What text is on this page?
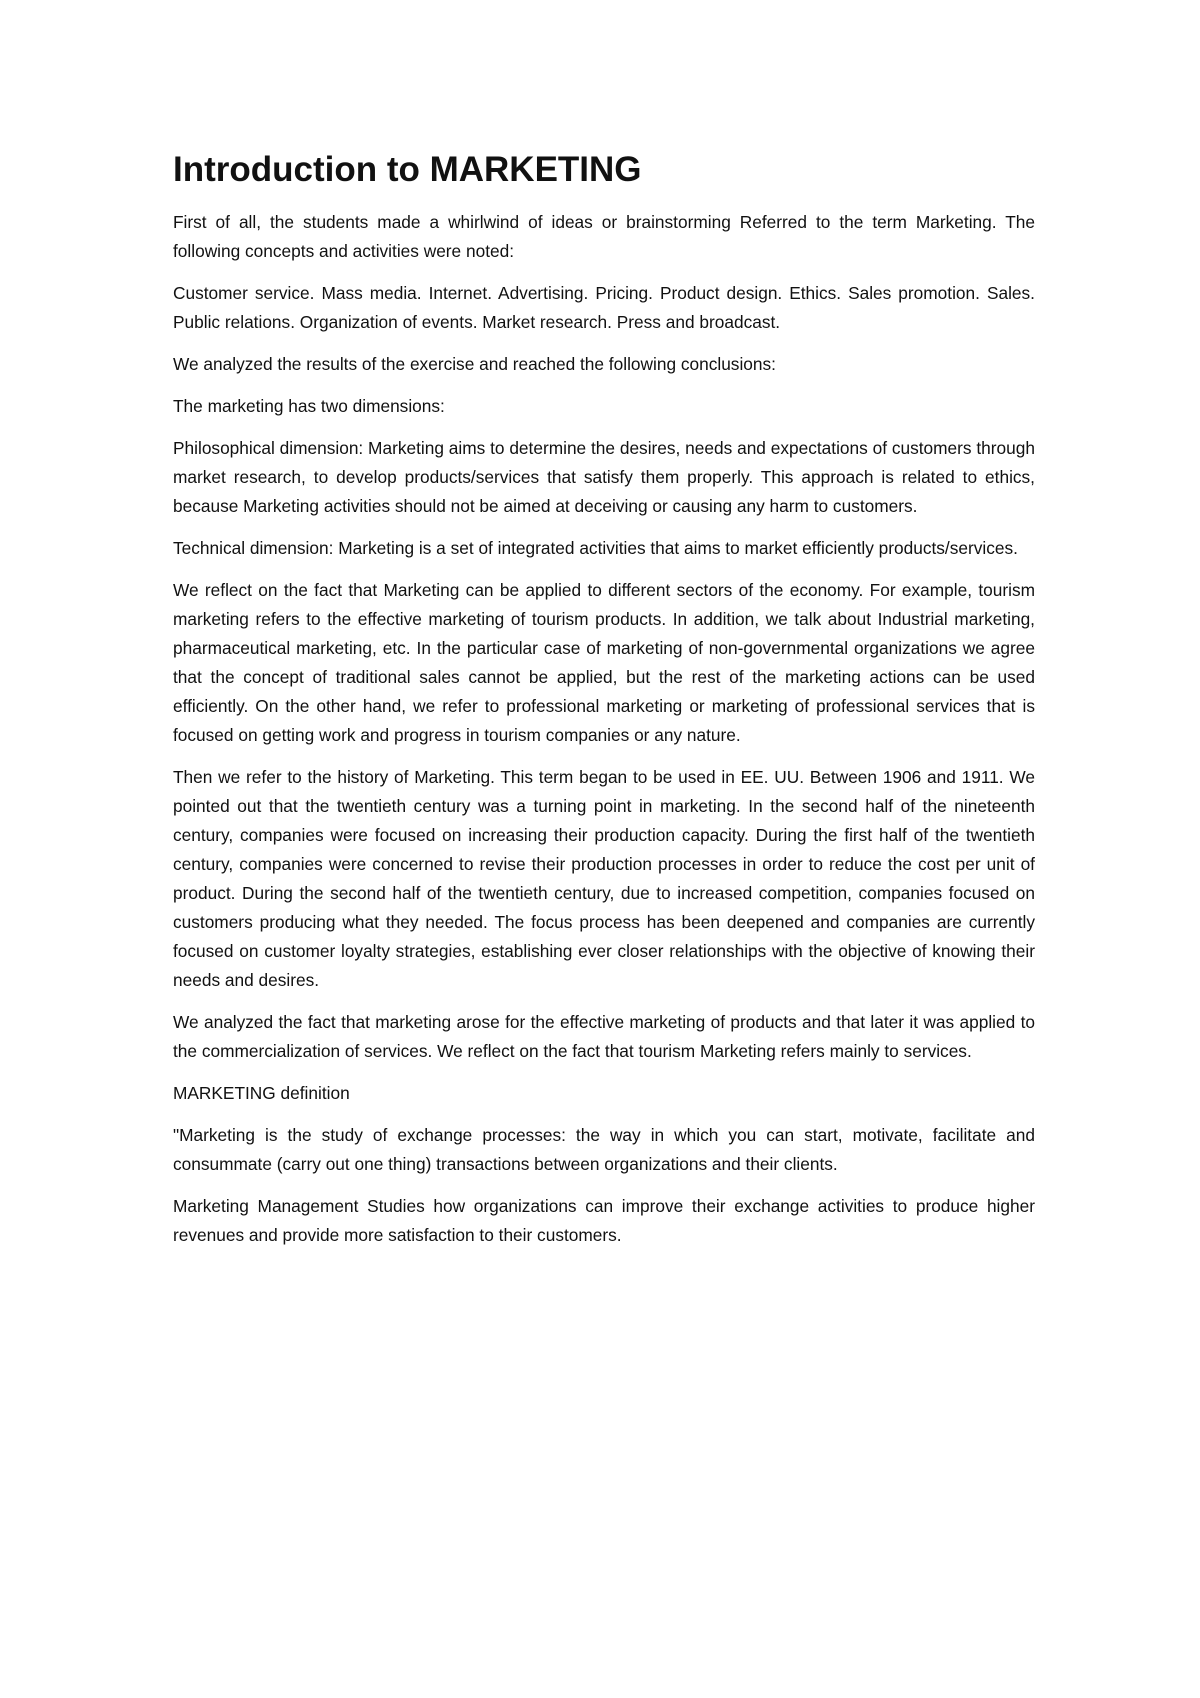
Introduction to MARKETING

First of all, the students made a whirlwind of ideas or brainstorming Referred to the term Marketing. The following concepts and activities were noted:

Customer service. Mass media. Internet. Advertising. Pricing. Product design. Ethics. Sales promotion. Sales. Public relations. Organization of events. Market research. Press and broadcast.

We analyzed the results of the exercise and reached the following conclusions:

The marketing has two dimensions:

Philosophical dimension: Marketing aims to determine the desires, needs and expectations of customers through market research, to develop products/services that satisfy them properly. This approach is related to ethics, because Marketing activities should not be aimed at deceiving or causing any harm to customers.

Technical dimension: Marketing is a set of integrated activities that aims to market efficiently products/services.

We reflect on the fact that Marketing can be applied to different sectors of the economy. For example, tourism marketing refers to the effective marketing of tourism products. In addition, we talk about Industrial marketing, pharmaceutical marketing, etc. In the particular case of marketing of non-governmental organizations we agree that the concept of traditional sales cannot be applied, but the rest of the marketing actions can be used efficiently. On the other hand, we refer to professional marketing or marketing of professional services that is focused on getting work and progress in tourism companies or any nature.

Then we refer to the history of Marketing. This term began to be used in EE. UU. Between 1906 and 1911. We pointed out that the twentieth century was a turning point in marketing. In the second half of the nineteenth century, companies were focused on increasing their production capacity. During the first half of the twentieth century, companies were concerned to revise their production processes in order to reduce the cost per unit of product. During the second half of the twentieth century, due to increased competition, companies focused on customers producing what they needed. The focus process has been deepened and companies are currently focused on customer loyalty strategies, establishing ever closer relationships with the objective of knowing their needs and desires.

We analyzed the fact that marketing arose for the effective marketing of products and that later it was applied to the commercialization of services. We reflect on the fact that tourism Marketing refers mainly to services.

MARKETING definition

"Marketing is the study of exchange processes: the way in which you can start, motivate, facilitate and consummate (carry out one thing) transactions between organizations and their clients.

Marketing Management Studies how organizations can improve their exchange activities to produce higher revenues and provide more satisfaction to their customers.
